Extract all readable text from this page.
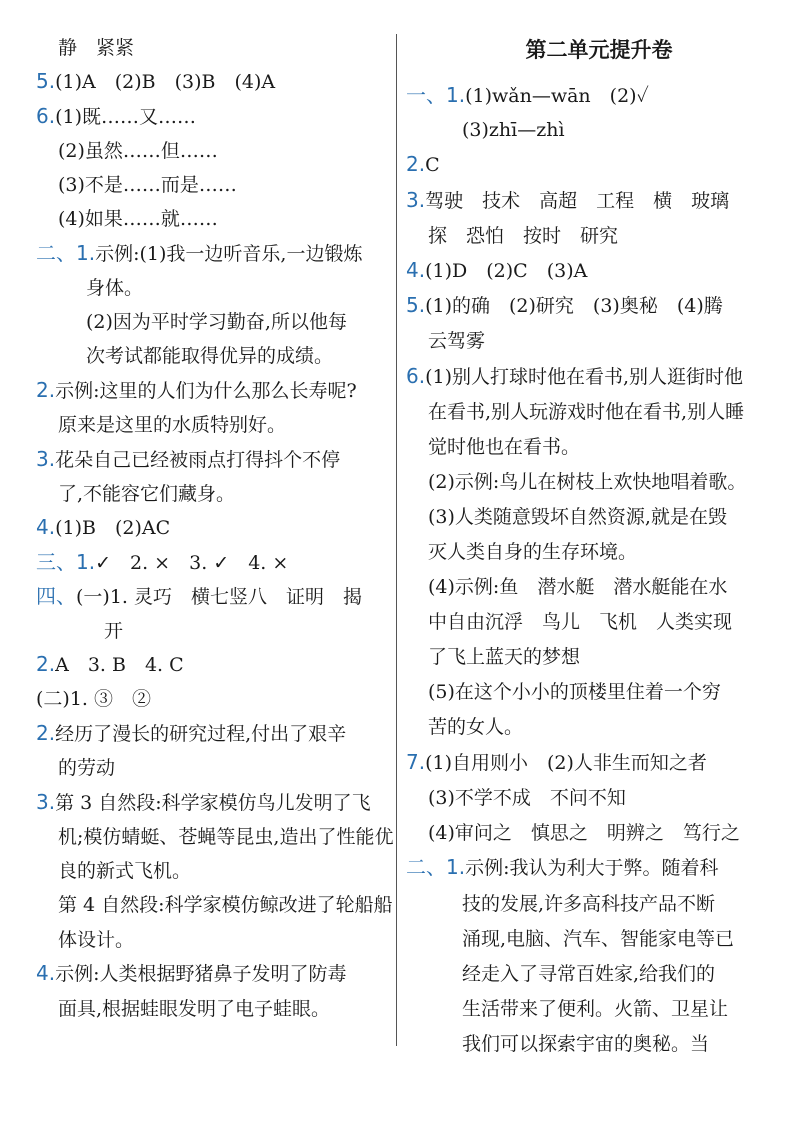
静　紧紧
5.(1)A　(2)B　(3)B　(4)A
6.(1)既……又……
(2)虽然……但……
(3)不是……而是……
(4)如果……就……
二、1.示例:(1)我一边听音乐,一边锻炼
身体。
(2)因为平时学习勤奋,所以他每
次考试都能取得优异的成绩。
2.示例:这里的人们为什么那么长寿呢?
原来是这里的水质特别好。
3.花朵自己已经被雨点打得抖个不停
了,不能容它们藏身。
4.(1)B　(2)AC
三、1.✓　2. ×　3. ✓　4. ×
四、(一)1. 灵巧　横七竖八　证明　揭
开
2.A　3. B　4. C
(二)1. ③　②
2.经历了漫长的研究过程,付出了艰辛
的劳动
3.第 3 自然段:科学家模仿鸟儿发明了飞
机;模仿蜻蜓、苍蝇等昆虫,造出了性能优
良的新式飞机。
第 4 自然段:科学家模仿鲸改进了轮船船
体设计。
4.示例:人类根据野猪鼻子发明了防毒
面具,根据蛙眼发明了电子蛙眼。
第二单元提升卷
一、1.(1)wǎn—wān　(2)✓
(3)zhī—zhì
2.C
3.驾驶　技术　高超　工程　横　玻璃
探　恐怕　按时　研究
4.(1)D　(2)C　(3)A
5.(1)的确　(2)研究　(3)奥秘　(4)腾
云驾雾
6.(1)别人打球时他在看书,别人逛街时他
在看书,别人玩游戏时他在看书,别人睡
觉时他也在看书。
(2)示例:鸟儿在树枝上欢快地唱着歌。
(3)人类随意毁坏自然资源,就是在毁
灭人类自身的生存环境。
(4)示例:鱼　潜水艇　潜水艇能在水
中自由沉浮　鸟儿　飞机　人类实现
了飞上蓝天的梦想
(5)在这个小小的顶楼里住着一个穷
苦的女人。
7.(1)自用则小　(2)人非生而知之者
(3)不学不成　不问不知
(4)审问之　慎思之　明辨之　笃行之
二、1.示例:我认为利大于弊。随着科
技的发展,许多高科技产品不断
涌现,电脑、汽车、智能家电等已
经走入了寻常百姓家,给我们的
生活带来了便利。火箭、卫星让
我们可以探索宇宙的奥秘。当
